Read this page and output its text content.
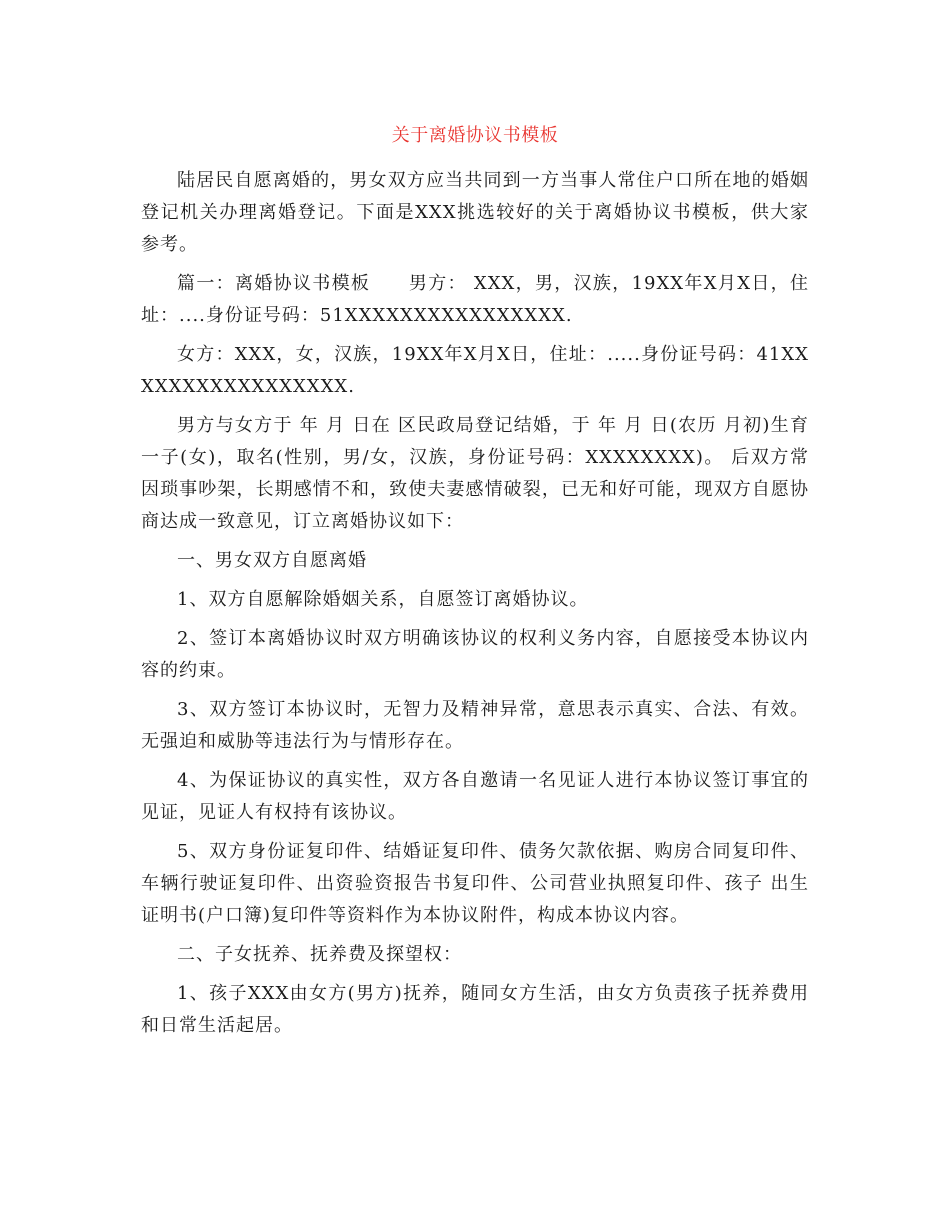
关于离婚协议书模板

陆居民自愿离婚的，男女双方应当共同到一方当事人常住户口所在地的婚姻登记机关办理离婚登记。下面是XXX挑选较好的关于离婚协议书模板，供大家参考。

篇一：离婚协议书模板　　男方： XXX，男，汉族，19XX年X月X日，住址：....身份证号码：51XXXXXXXXXXXXXXXX.

女方：XXX，女，汉族，19XX年X月X日，住址：.....身份证号码：41XXXXXXXXXXXXXXXXX.

男方与女方于 年 月 日在 区民政局登记结婚，于 年 月 日(农历 月初)生育一子(女)，取名(性别，男/女，汉族，身份证号码：XXXXXXXX)。 后双方常因琐事吵架，长期感情不和，致使夫妻感情破裂，已无和好可能，现双方自愿协商达成一致意见，订立离婚协议如下：

一、男女双方自愿离婚

1、双方自愿解除婚姻关系，自愿签订离婚协议。

2、签订本离婚协议时双方明确该协议的权利义务内容，自愿接受本协议内容的约束。

3、双方签订本协议时，无智力及精神异常，意思表示真实、合法、有效。无强迫和威胁等违法行为与情形存在。

4、为保证协议的真实性，双方各自邀请一名见证人进行本协议签订事宜的见证，见证人有权持有该协议。

5、双方身份证复印件、结婚证复印件、债务欠款依据、购房合同复印件、车辆行驶证复印件、出资验资报告书复印件、公司营业执照复印件、孩子 出生证明书(户口簿)复印件等资料作为本协议附件，构成本协议内容。

二、子女抚养、抚养费及探望权：

1、孩子XXX由女方(男方)抚养，随同女方生活，由女方负责孩子抚养费用和日常生活起居。
